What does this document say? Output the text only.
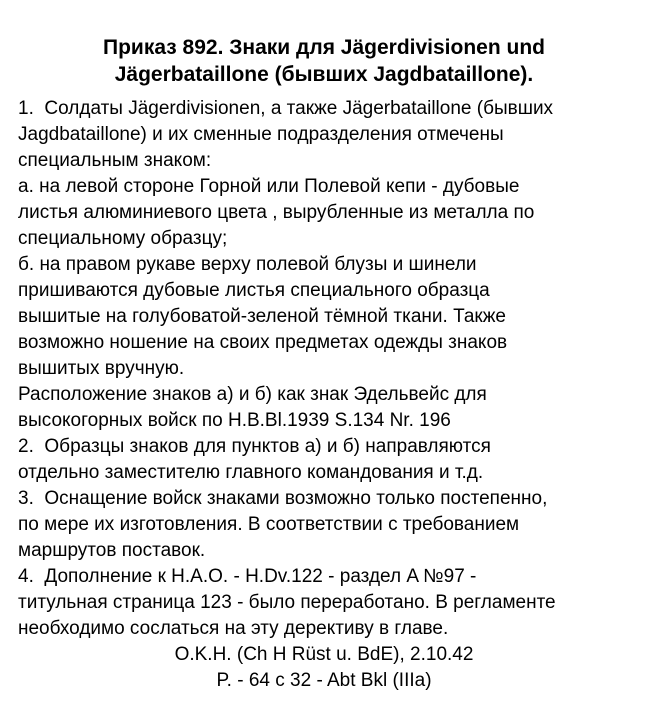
Приказ 892. Знаки для Jägerdivisionen und
Jägerbataillone (бывших Jagdbataillone).
1.  Солдаты Jägerdivisionen, а также Jägerbataillone (бывших
Jagdbataillone) и их сменные подразделения отмечены
специальным знаком:
а. на левой стороне Горной или Полевой кепи - дубовые
листья алюминиевого цвета , вырубленные из металла по
специальному образцу;
б. на правом рукаве верху полевой блузы и шинели
пришиваются дубовые листья специального образца
вышитые на голубоватой-зеленой тёмной ткани. Также
возможно ношение на своих предметах одежды знаков
вышитых вручную.
Расположение знаков а) и б) как знак Эдельвейс для
высокогорных войск по H.B.Bl.1939 S.134 Nr. 196
2.  Образцы знаков для пунктов а) и б) направляются
отдельно заместителю главного командования и т.д.
3.  Оснащение войск знаками возможно только постепенно,
по мере их изготовления. В соответствии с требованием
маршрутов поставок.
4.  Дополнение к H.A.O. - H.Dv.122 - раздел A №97 -
титульная страница 123 - было переработано. В регламенте
необходимо сослаться на эту дерективу в главе.
O.K.H. (Ch H Rüst u. BdE), 2.10.42
P. - 64 c 32 - Abt Bkl (IIIa)
